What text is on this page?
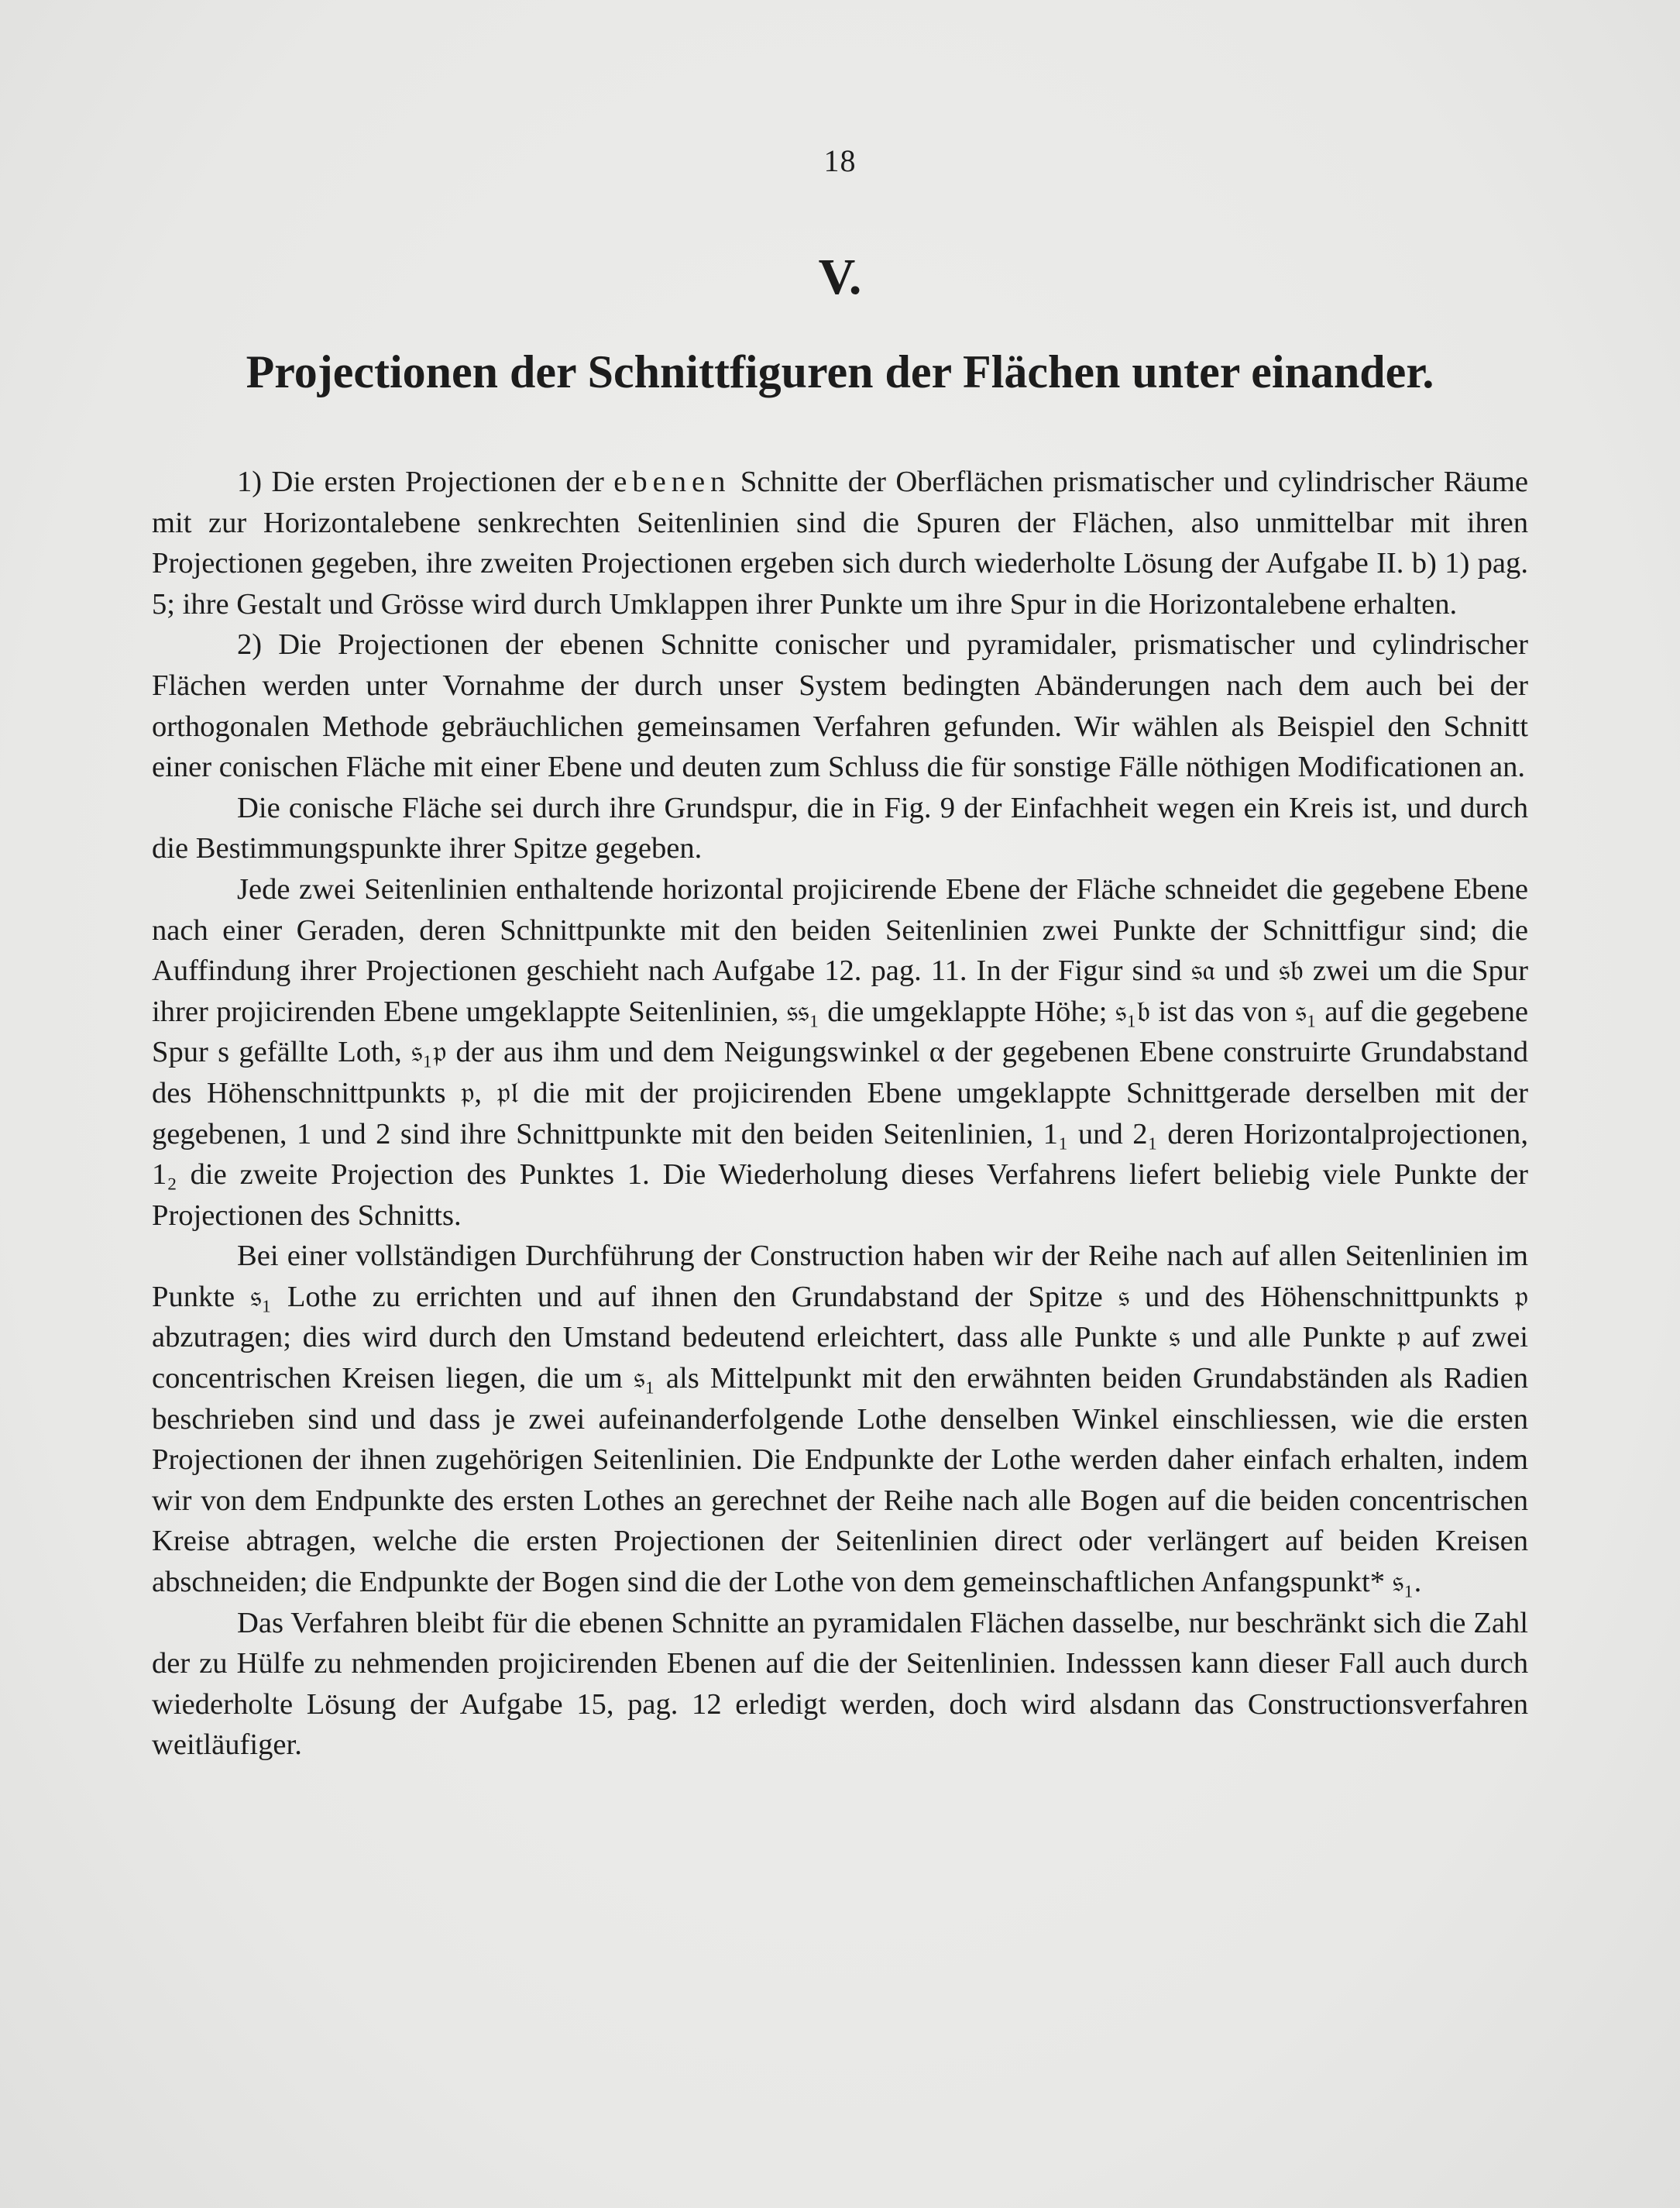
18
V.
Projectionen der Schnittfiguren der Flächen unter einander.

1) Die ersten Projectionen der ebenen Schnitte der Oberflächen prismatischer und cylindrischer Räume mit zur Horizontalebene senkrechten Seitenlinien sind die Spuren der Flächen, also unmittelbar mit ihren Projectionen gegeben, ihre zweiten Projectionen ergeben sich durch wiederholte Lösung der Aufgabe II. b) 1) pag. 5; ihre Gestalt und Grösse wird durch Umklappen ihrer Punkte um ihre Spur in die Horizontalebene erhalten.

2) Die Projectionen der ebenen Schnitte conischer und pyramidaler, prismatischer und cylindrischer Flächen werden unter Vornahme der durch unser System bedingten Abänderungen nach dem auch bei der orthogonalen Methode gebräuchlichen gemeinsamen Verfahren gefunden. Wir wählen als Beispiel den Schnitt einer conischen Fläche mit einer Ebene und deuten zum Schluss die für sonstige Fälle nöthigen Modificationen an.

Die conische Fläche sei durch ihre Grundspur, die in Fig. 9 der Einfachheit wegen ein Kreis ist, und durch die Bestimmungspunkte ihrer Spitze gegeben.

Jede zwei Seitenlinien enthaltende horizontal projicirende Ebene der Fläche schneidet die gegebene Ebene nach einer Geraden, deren Schnittpunkte mit den beiden Seitenlinien zwei Punkte der Schnittfigur sind; die Auffindung ihrer Projectionen geschieht nach Aufgabe 12. pag. 11. In der Figur sind 𝔰𝔞 und 𝔰𝔟 zwei um die Spur ihrer projicirenden Ebene umgeklappte Seitenlinien, 𝔰𝔰₁ die umgeklappte Höhe; 𝔰₁𝔟 ist das von 𝔰₁ auf die gegebene Spur s gefällte Loth, 𝔰₁𝔭 der aus ihm und dem Neigungswinkel α der gegebenen Ebene construirte Grundabstand des Höhenschnittpunkts 𝔭, 𝔭𝔩 die mit der projicirenden Ebene umgeklappte Schnittgerade derselben mit der gegebenen, 1 und 2 sind ihre Schnittpunkte mit den beiden Seitenlinien, 1₁ und 2₁ deren Horizontalprojectionen, 1₂ die zweite Projection des Punktes 1. Die Wiederholung dieses Verfahrens liefert beliebig viele Punkte der Projectionen des Schnitts.

Bei einer vollständigen Durchführung der Construction haben wir der Reihe nach auf allen Seitenlinien im Punkte 𝔰₁ Lothe zu errichten und auf ihnen den Grundabstand der Spitze 𝔰 und des Höhenschnittpunkts 𝔭 abzutragen; dies wird durch den Umstand bedeutend erleichtert, dass alle Punkte 𝔰 und alle Punkte 𝔭 auf zwei concentrischen Kreisen liegen, die um 𝔰₁ als Mittelpunkt mit den erwähnten beiden Grundabständen als Radien beschrieben sind und dass je zwei aufeinanderfolgende Lothe denselben Winkel einschliessen, wie die ersten Projectionen der ihnen zugehörigen Seitenlinien. Die Endpunkte der Lothe werden daher einfach erhalten, indem wir von dem Endpunkte des ersten Lothes an gerechnet der Reihe nach alle Bogen auf die beiden concentrischen Kreise abtragen, welche die ersten Projectionen der Seitenlinien direct oder verlängert auf beiden Kreisen abschneiden; die Endpunkte der Bogen sind die der Lothe von dem gemeinschaftlichen Anfangspunkt* 𝔰₁.

Das Verfahren bleibt für die ebenen Schnitte an pyramidalen Flächen dasselbe, nur beschränkt sich die Zahl der zu Hülfe zu nehmenden projicirenden Ebenen auf die der Seitenlinien. Indesssen kann dieser Fall auch durch wiederholte Lösung der Aufgabe 15, pag. 12 erledigt werden, doch wird alsdann das Constructionsverfahren weitläufiger.
